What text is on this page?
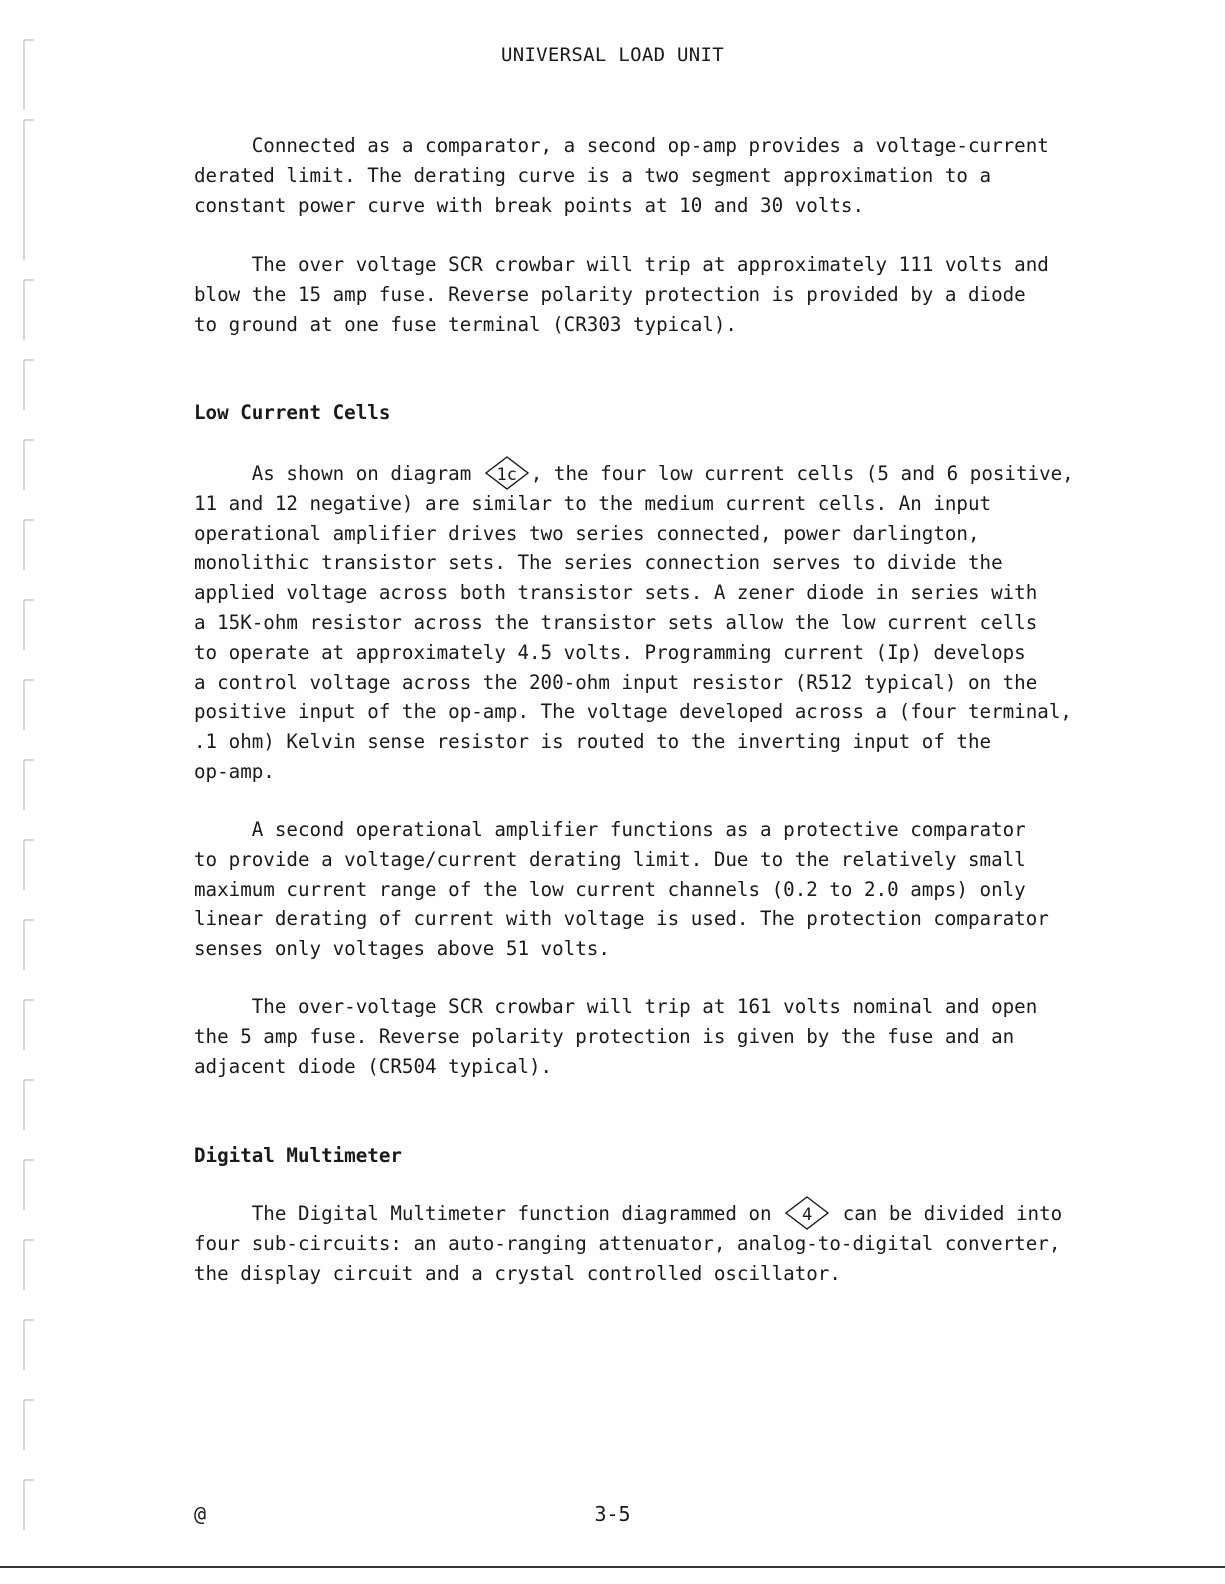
UNIVERSAL LOAD UNIT

Connected as a comparator, a second op-amp provides a voltage-current
derated limit. The derating curve is a two segment approximation to a
constant power curve with break points at 10 and 30 volts.

The over voltage SCR crowbar will trip at approximately 111 volts and
blow the 15 amp fuse. Reverse polarity protection is provided by a diode
to ground at one fuse terminal (CR303 typical).

Low Current Cells
As shown on diagram 1c , the four low current cells (5 and 6 positive,
11 and 12 negative) are similar to the medium current cells. An input
operational amplifier drives two series connected, power darlington,
monolithic transistor sets. The series connection serves to divide the
applied voltage across both transistor sets. A zener diode in series with
a 15K-ohm resistor across the transistor sets allow the low current cells
to operate at approximately 4.5 volts. Programming current (Ip) develops
a control voltage across the 200-ohm input resistor (R512 typical) on the
positive input of the op-amp. The voltage developed across a (four terminal,
.1 ohm) Kelvin sense resistor is routed to the inverting input of the
op-amp.

A second operational amplifier functions as a protective comparator
to provide a voltage/current derating limit. Due to the relatively small
maximum current range of the low current channels (0.2 to 2.0 amps) only
linear derating of current with voltage is used. The protection comparator
senses only voltages above 51 volts.

The over-voltage SCR crowbar will trip at 161 volts nominal and open
the 5 amp fuse. Reverse polarity protection is given by the fuse and an
adjacent diode (CR504 typical).

Digital Multimeter
The Digital Multimeter function diagrammed on	4 can be divided into
four sub-circuits: an auto-ranging attenuator, analog-to-digital converter,
the display circuit and a crystal controlled oscillator.
@	3-5
